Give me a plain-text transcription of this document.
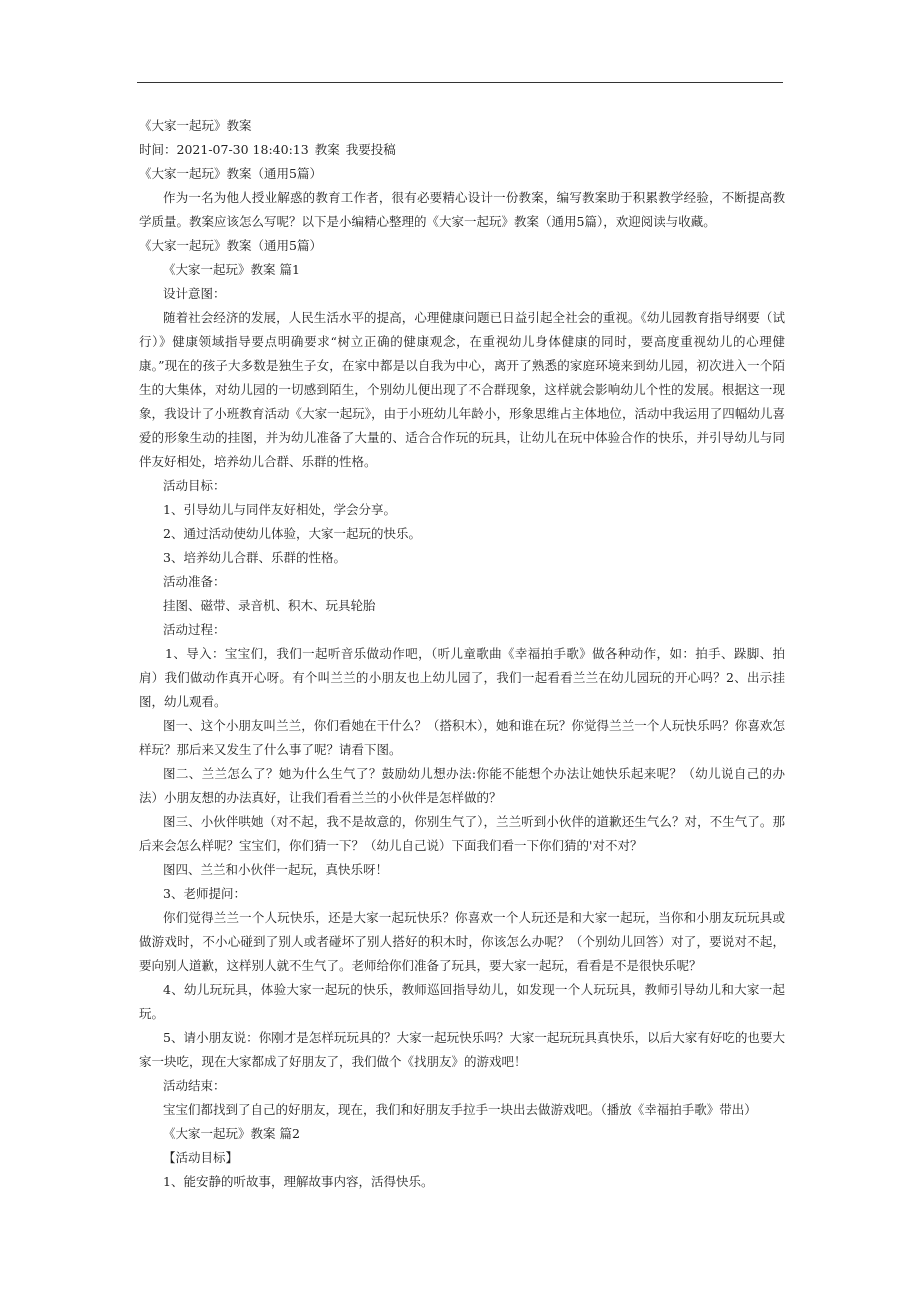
《大家一起玩》教案

时间：2021-07-30 18:40:13 教案 我要投稿

《大家一起玩》教案（通用5篇）

作为一名为他人授业解惑的教育工作者，很有必要精心设计一份教案，编写教案助于积累教学经验，不断提高教学质量。教案应该怎么写呢？以下是小编精心整理的《大家一起玩》教案（通用5篇），欢迎阅读与收藏。

《大家一起玩》教案（通用5篇）

《大家一起玩》教案 篇1

设计意图：

随着社会经济的发展，人民生活水平的提高，心理健康问题已日益引起全社会的重视。《幼儿园教育指导纲要（试行）》健康领域指导要点明确要求“树立正确的健康观念，在重视幼儿身体健康的同时，要高度重视幼儿的心理健康。”现在的孩子大多数是独生子女，在家中都是以自我为中心，离开了熟悉的家庭环境来到幼儿园，初次进入一个陌生的大集体，对幼儿园的一切感到陌生，个别幼儿便出现了不合群现象，这样就会影响幼儿个性的发展。根据这一现象，我设计了小班教育活动《大家一起玩》，由于小班幼儿年龄小，形象思维占主体地位，活动中我运用了四幅幼儿喜爱的形象生动的挂图，并为幼儿准备了大量的、适合合作玩的玩具，让幼儿在玩中体验合作的快乐，并引导幼儿与同伴友好相处，培养幼儿合群、乐群的性格。

活动目标：

1、引导幼儿与同伴友好相处，学会分享。

2、通过活动使幼儿体验，大家一起玩的快乐。

3、培养幼儿合群、乐群的性格。

活动准备：

挂图、磁带、录音机、积木、玩具轮胎

活动过程：

1、导入：宝宝们，我们一起听音乐做动作吧，（听儿童歌曲《幸福拍手歌》做各种动作，如：拍手、跺脚、拍肩）我们做动作真开心呀。有个叫兰兰的小朋友也上幼儿园了，我们一起看看兰兰在幼儿园玩的开心吗？2、出示挂图，幼儿观看。

图一、这个小朋友叫兰兰，你们看她在干什么？（搭积木），她和谁在玩？你觉得兰兰一个人玩快乐吗？你喜欢怎样玩？那后来又发生了什么事了呢？请看下图。

图二、兰兰怎么了？她为什么生气了？鼓励幼儿想办法:你能不能想个办法让她快乐起来呢？（幼儿说自己的办法）小朋友想的办法真好，让我们看看兰兰的小伙伴是怎样做的？

图三、小伙伴哄她（对不起，我不是故意的，你别生气了），兰兰听到小伙伴的道歉还生气么？对，不生气了。那后来会怎么样呢？宝宝们，你们猜一下？（幼儿自己说）下面我们看一下你们猜的'对不对？

图四、兰兰和小伙伴一起玩，真快乐呀！

3、老师提问：

你们觉得兰兰一个人玩快乐，还是大家一起玩快乐？你喜欢一个人玩还是和大家一起玩，当你和小朋友玩玩具或做游戏时，不小心碰到了别人或者碰坏了别人搭好的积木时，你该怎么办呢？（个别幼儿回答）对了，要说对不起，要向别人道歉，这样别人就不生气了。老师给你们准备了玩具，要大家一起玩，看看是不是很快乐呢？

4、幼儿玩玩具，体验大家一起玩的快乐，教师巡回指导幼儿，如发现一个人玩玩具，教师引导幼儿和大家一起玩。

5、请小朋友说：你刚才是怎样玩玩具的？大家一起玩快乐吗？大家一起玩玩具真快乐，以后大家有好吃的也要大家一块吃，现在大家都成了好朋友了，我们做个《找朋友》的游戏吧！

活动结束：

宝宝们都找到了自己的好朋友，现在，我们和好朋友手拉手一块出去做游戏吧。（播放《幸福拍手歌》带出）

《大家一起玩》教案 篇2

【活动目标】

1、能安静的听故事，理解故事内容，活得快乐。
